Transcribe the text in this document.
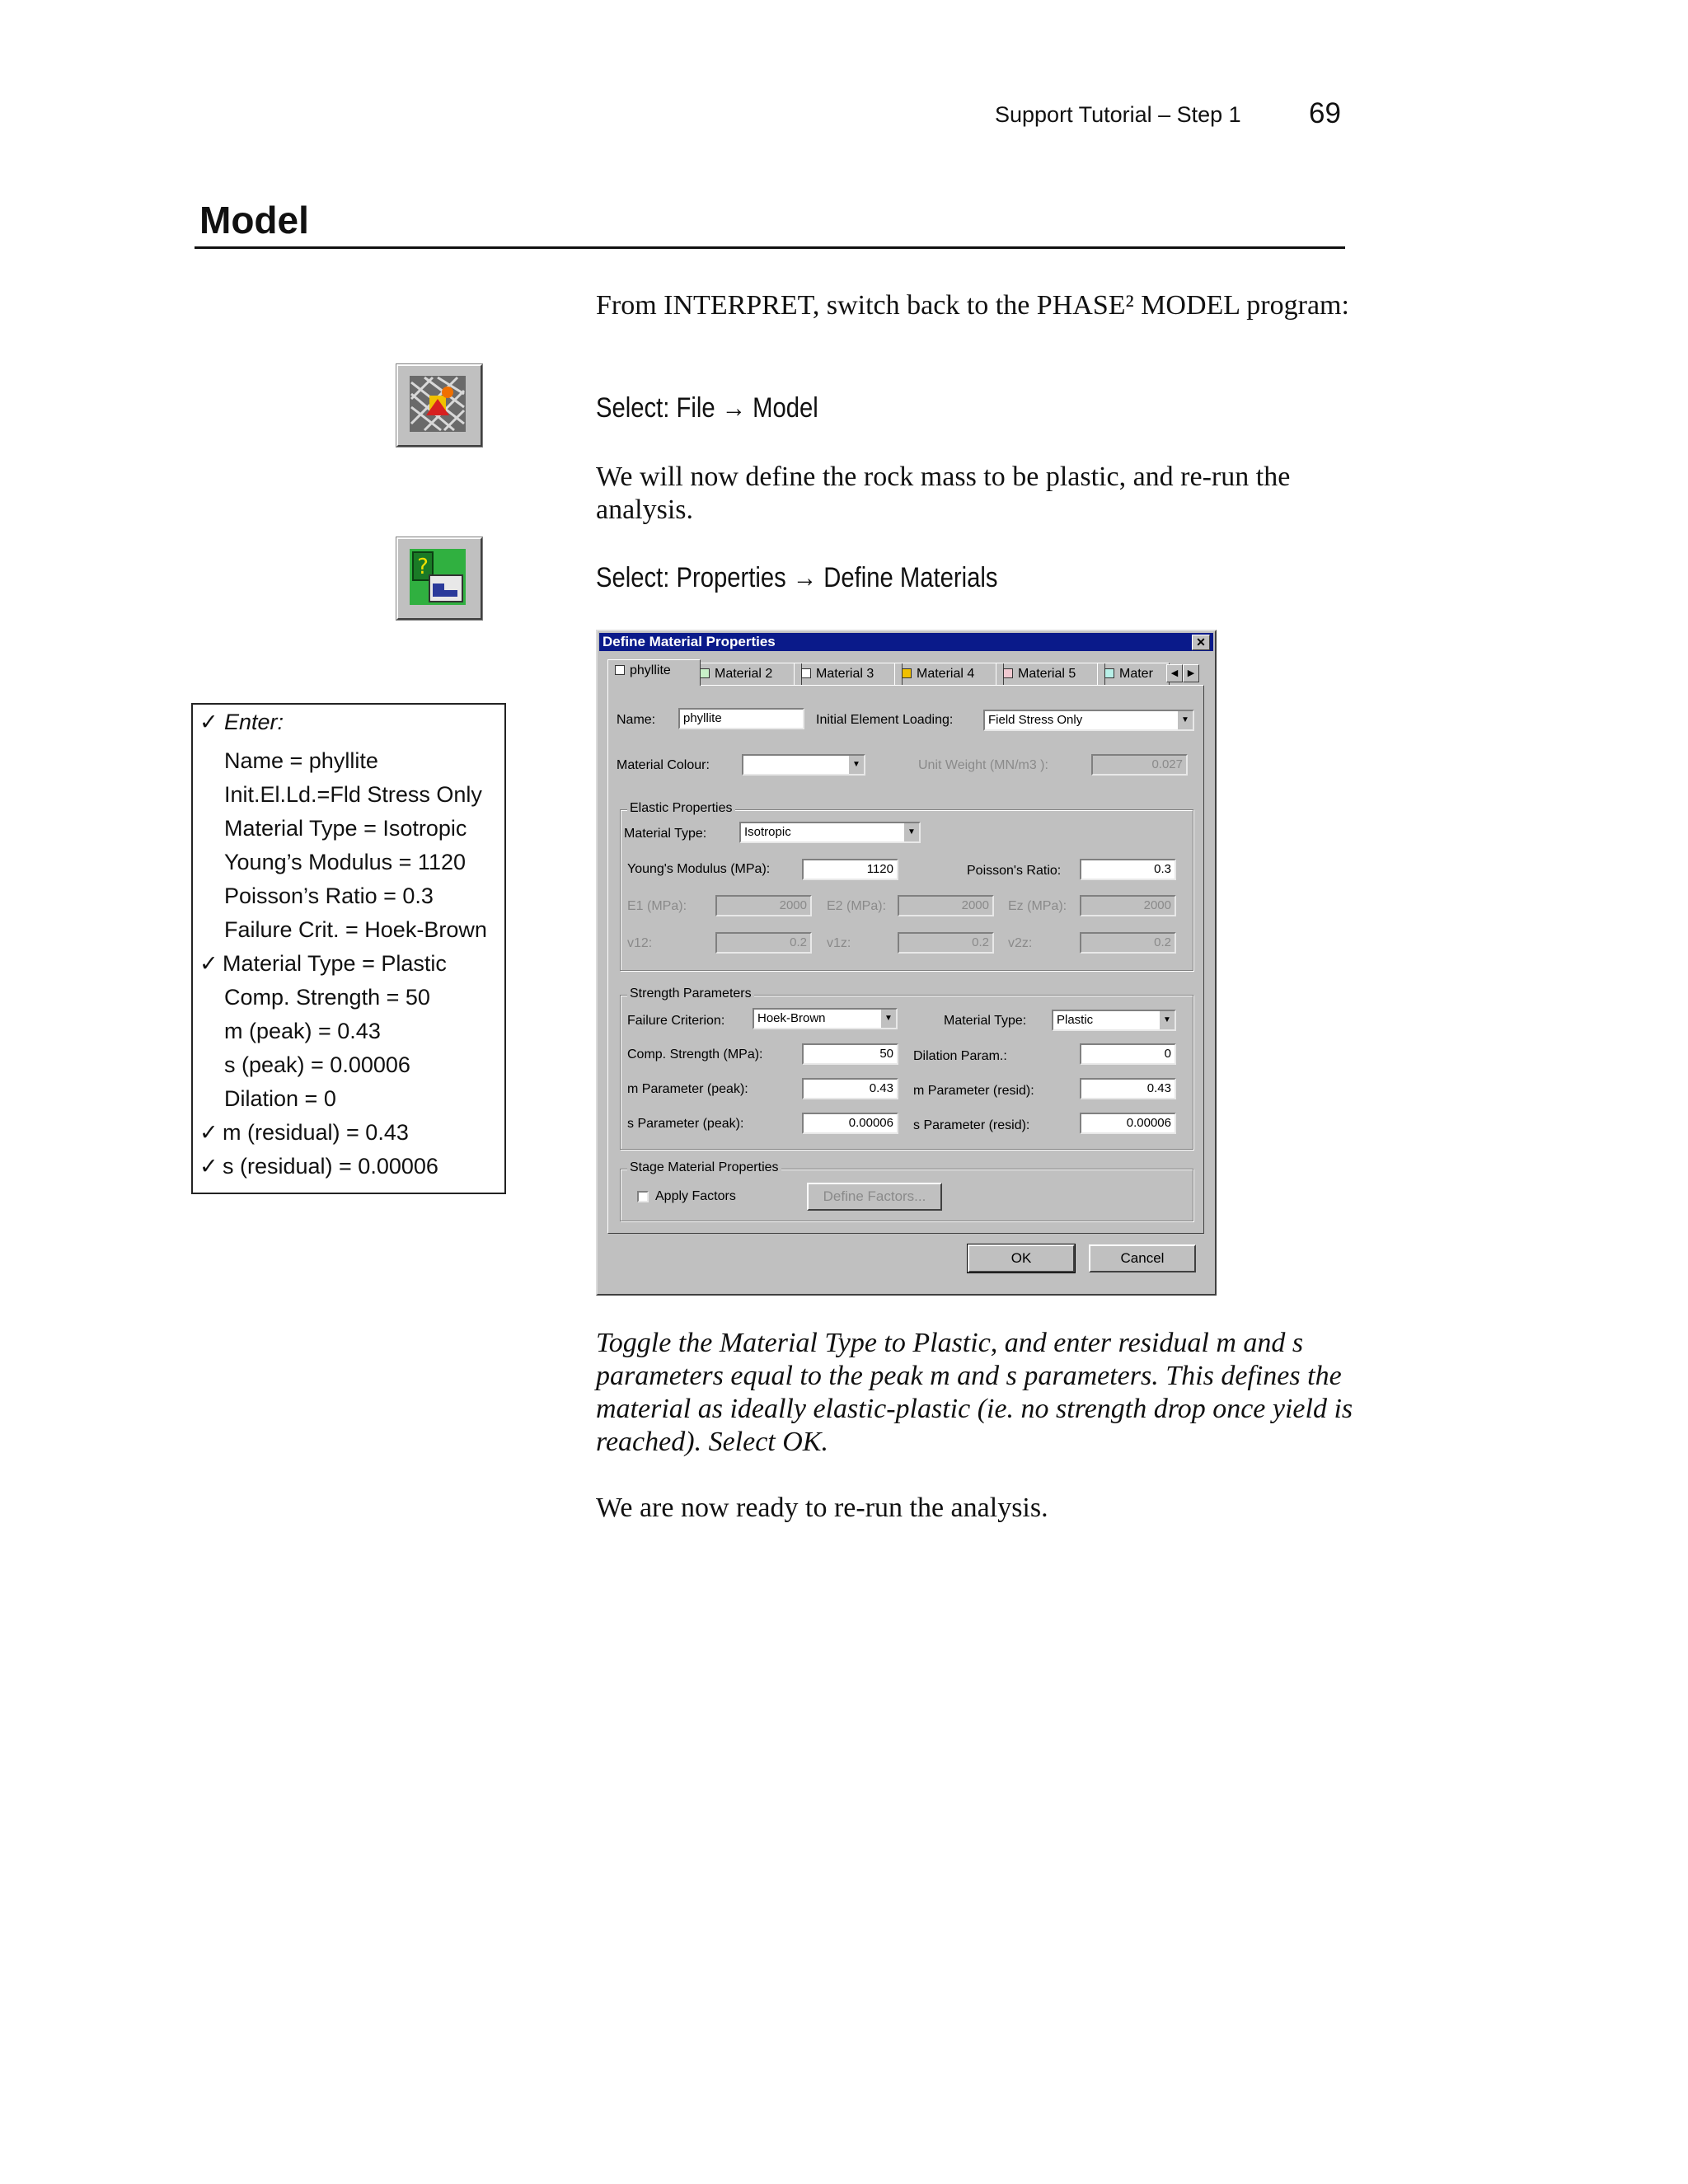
Support Tutorial – Step 1 69
Model
From INTERPRET, switch back to the PHASE² MODEL program:
Select: File → Model
We will now define the rock mass to be plastic, and re-run the analysis.
Select: Properties → Define Materials
Toggle the Material Type to Plastic, and enter residual m and s parameters equal to the peak m and s parameters. This defines the material as ideally elastic-plastic (ie. no strength drop once yield is reached). Select OK.
We are now ready to re-run the analysis.
?
✓ Enter:
Name = phyllite
Init.El.Ld.=Fld Stress Only
Material Type = Isotropic
Young’s Modulus = 1120
Poisson’s Ratio = 0.3
Failure Crit. = Hoek-Brown
✓ Material Type = Plastic
Comp. Strength = 50
m (peak) = 0.43
s (peak) = 0.00006
Dilation = 0
✓ m (residual) = 0.43
✓ s (residual) = 0.00006
Define Material Properties	✕
phyllite	Material 2	Material 3	Material 4	Material 5	Mater	◀	▶
Name:	phyllite	Initial Element Loading:	Field Stress Only	▼
Material Colour:	▼	Unit Weight (MN/m3 ):	0.027
Elastic Properties
Material Type:	Isotropic	▼
Young's Modulus (MPa):	1120	Poisson's Ratio:	0.3
E1 (MPa):	2000	E2 (MPa):	2000	Ez (MPa):	2000
v12:	0.2	v1z:	0.2	v2z:	0.2
Strength Parameters
Failure Criterion:	Hoek-Brown	▼	Material Type:	Plastic	▼
Comp. Strength (MPa):	50	Dilation Param.:	0
m Parameter (peak):	0.43	m Parameter (resid):	0.43
s Parameter (peak):	0.00006	s Parameter (resid):	0.00006
Stage Material Properties
Apply Factors	Define Factors...
OK	Cancel
